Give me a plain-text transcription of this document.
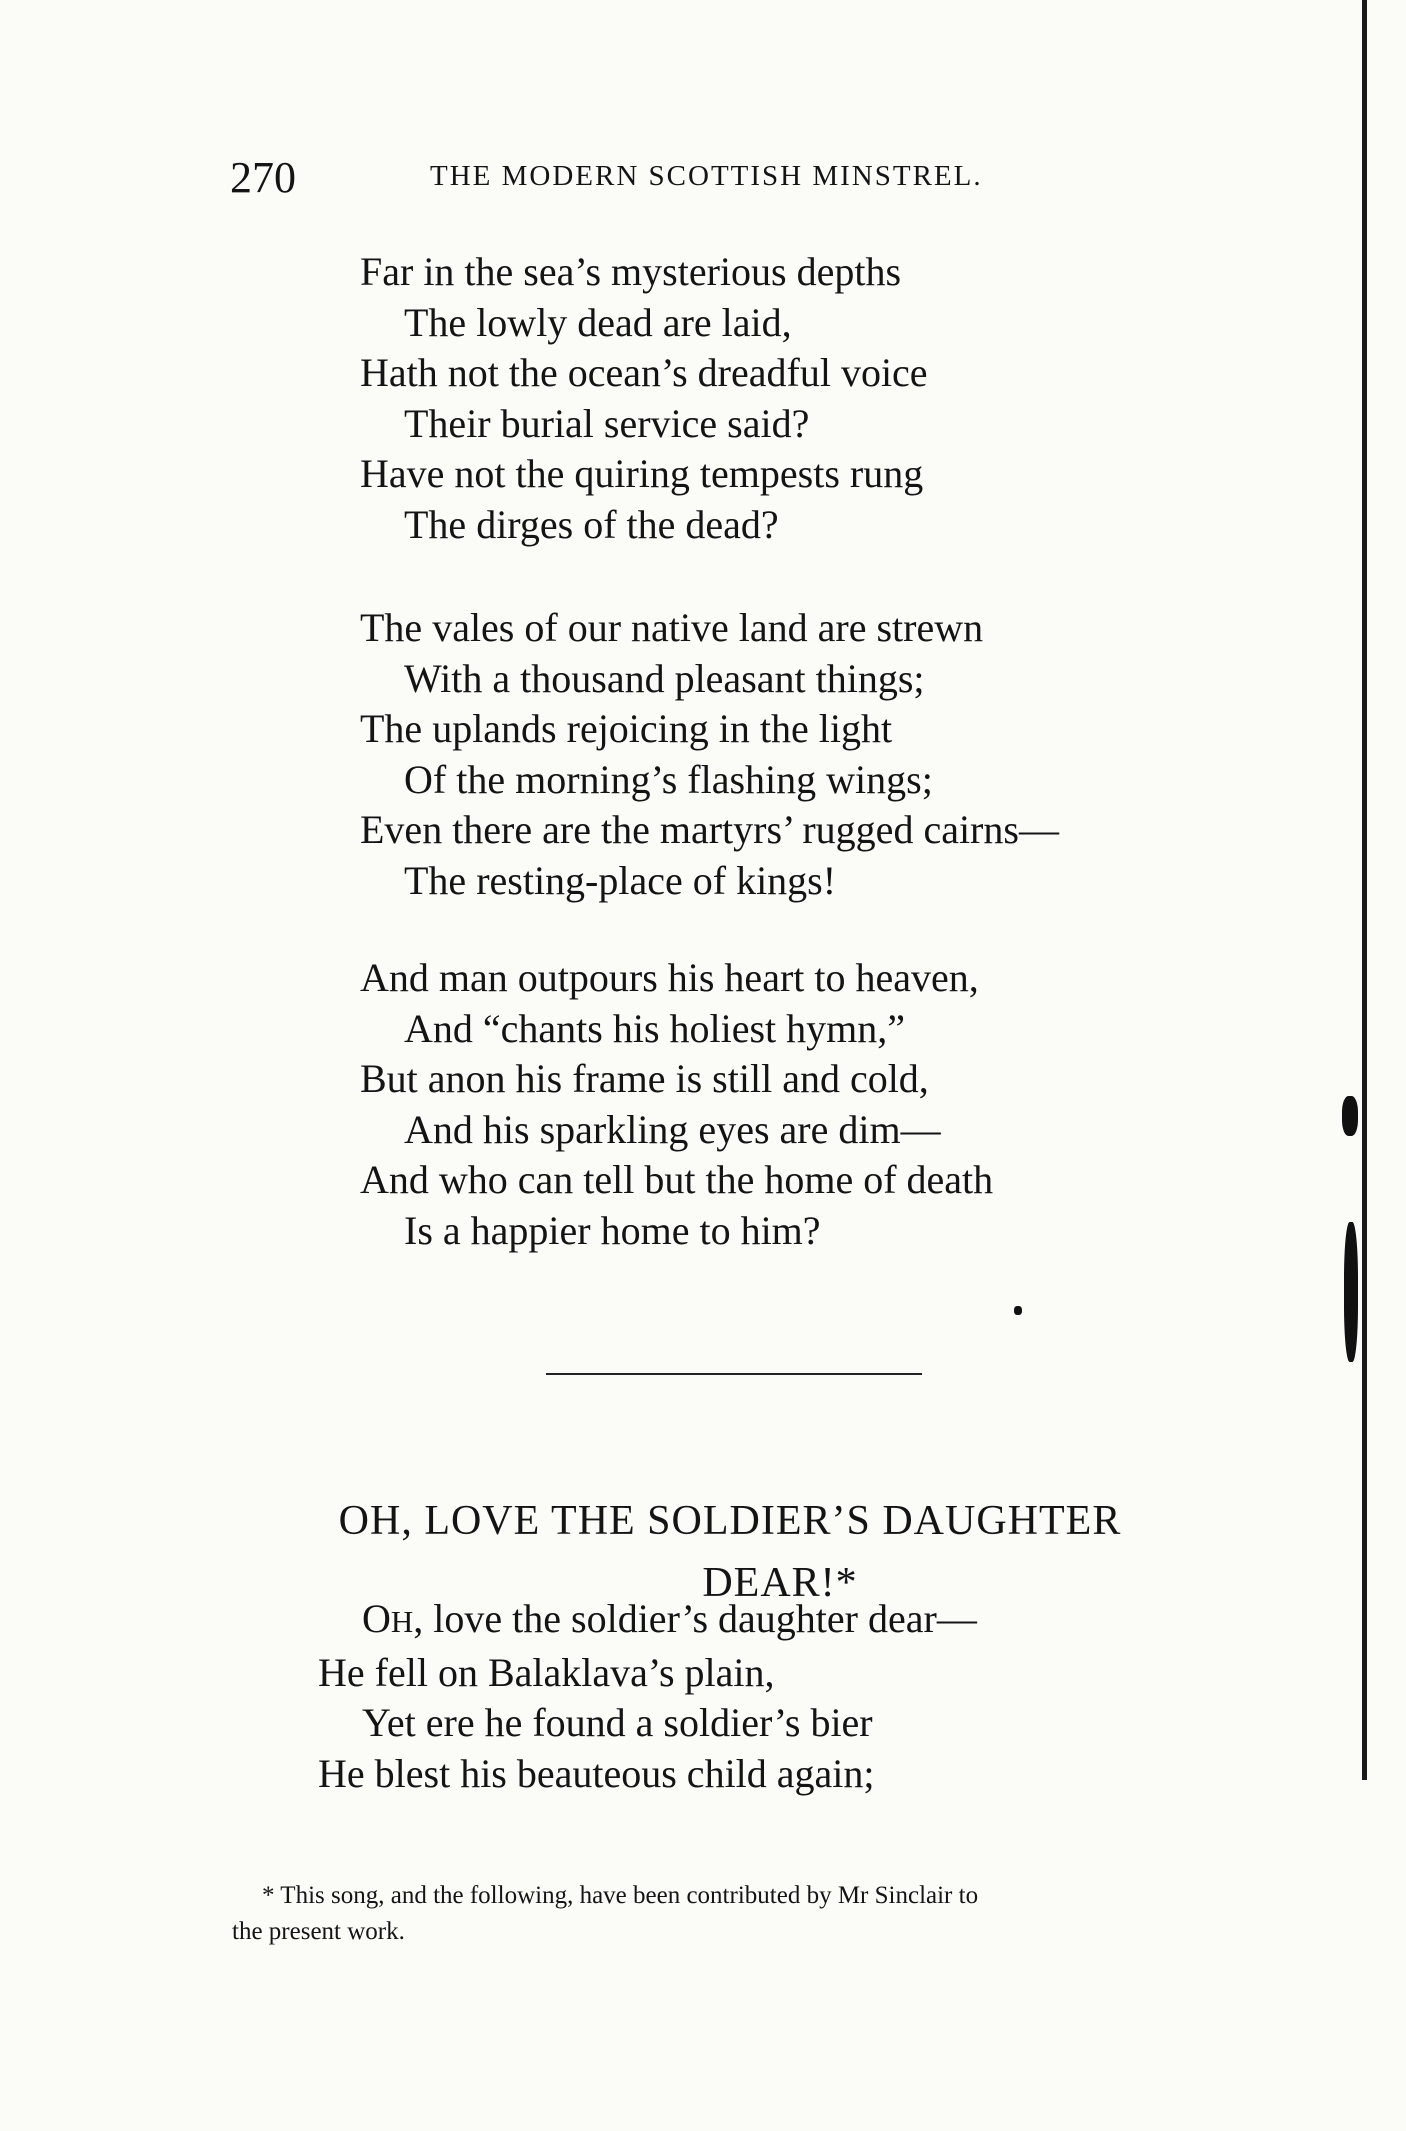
270	THE MODERN SCOTTISH MINSTREL.
Far in the sea’s mysterious depths
The lowly dead are laid,
Hath not the ocean’s dreadful voice
Their burial service said?
Have not the quiring tempests rung
The dirges of the dead?
The vales of our native land are strewn
With a thousand pleasant things;
The uplands rejoicing in the light
Of the morning’s flashing wings;
Even there are the martyrs’ rugged cairns—
The resting-place of kings!
And man outpours his heart to heaven,
And “chants his holiest hymn,”
But anon his frame is still and cold,
And his sparkling eyes are dim—
And who can tell but the home of death
Is a happier home to him?
OH, LOVE THE SOLDIER’S DAUGHTER
DEAR!*
OH, love the soldier’s daughter dear—
He fell on Balaklava’s plain,
Yet ere he found a soldier’s bier
He blest his beauteous child again;
* This song, and the following, have been contributed by Mr Sinclair to
the present work.
